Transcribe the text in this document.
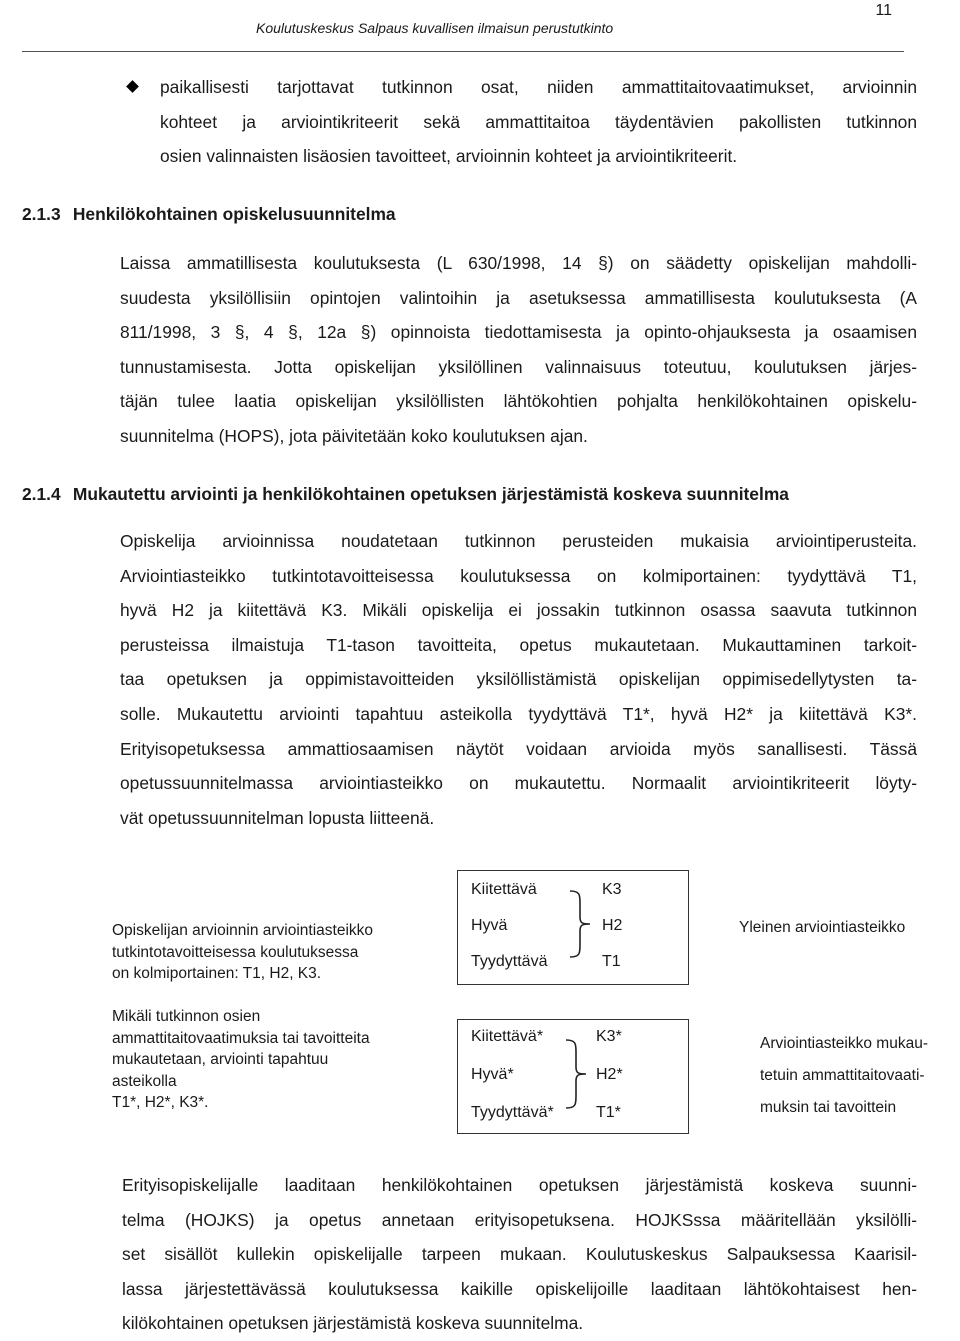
11
Koulutuskeskus Salpaus kuvallisen ilmaisun perustutkinto
paikallisesti tarjottavat tutkinnon osat, niiden ammattitaitovaatimukset, arvioinnin
kohteet ja arviointikriteerit sekä ammattitaitoa täydentävien pakollisten tutkinnon
osien valinnaisten lisäosien tavoitteet, arvioinnin kohteet ja arviointikriteerit.
2.1.3 Henkilökohtainen opiskelusuunnitelma
Laissa ammatillisesta koulutuksesta (L 630/1998, 14 §) on säädetty opiskelijan mahdolli-
suudesta yksilöllisiin opintojen valintoihin ja asetuksessa ammatillisesta koulutuksesta (A
811/1998, 3 §, 4 §, 12a §) opinnoista tiedottamisesta ja opinto-ohjauksesta ja osaamisen
tunnustamisesta. Jotta opiskelijan yksilöllinen valinnaisuus toteutuu, koulutuksen järjes-
täjän tulee laatia opiskelijan yksilöllisten lähtökohtien pohjalta henkilökohtainen opiskelu-
suunnitelma (HOPS), jota päivitetään koko koulutuksen ajan.
2.1.4 Mukautettu arviointi ja henkilökohtainen opetuksen järjestämistä koskeva suunnitelma
Opiskelija arvioinnissa noudatetaan tutkinnon perusteiden mukaisia arviointiperusteita.
Arviointiasteikko tutkintotavoitteisessa koulutuksessa on kolmiportainen: tyydyttävä T1,
hyvä H2 ja kiitettävä K3. Mikäli opiskelija ei jossakin tutkinnon osassa saavuta tutkinnon
perusteissa ilmaistuja T1-tason tavoitteita, opetus mukautetaan. Mukauttaminen tarkoit-
taa opetuksen ja oppimistavoitteiden yksilöllistämistä opiskelijan oppimisedellytysten ta-
solle. Mukautettu arviointi tapahtuu asteikolla tyydyttävä T1*, hyvä H2* ja kiitettävä K3*.
Erityisopetuksessa ammattiosaamisen näytöt voidaan arvioida myös sanallisesti. Tässä
opetussuunnitelmassa arviointiasteikko on mukautettu. Normaalit arviointikriteerit löyty-
vät opetussuunnitelman lopusta liitteenä.
Opiskelijan arvioinnin arviointiasteikko
tutkintotavoitteisessa koulutuksessa
on kolmiportainen: T1, H2, K3.
Kiitettävä	K3
Hyvä	H2
Tyydyttävä	T1
Yleinen arviointiasteikko
Mikäli tutkinnon osien
ammattitaitovaatimuksia tai tavoitteita
mukautetaan, arviointi tapahtuu
asteikolla
T1*, H2*, K3*.
Kiitettävä*	K3*
Hyvä*	H2*
Tyydyttävä*	T1*
Arviointiasteikko mukau-
tetuin ammattitaitovaati-
muksin tai tavoittein
Erityisopiskelijalle laaditaan henkilökohtainen opetuksen järjestämistä koskeva suunni-
telma (HOJKS) ja opetus annetaan erityisopetuksena. HOJKSssa määritellään yksilölli-
set sisällöt kullekin opiskelijalle tarpeen mukaan. Koulutuskeskus Salpauksessa Kaarisil-
lassa järjestettävässä koulutuksessa kaikille opiskelijoille laaditaan lähtökohtaisest hen-
kilökohtainen opetuksen järjestämistä koskeva suunnitelma.
